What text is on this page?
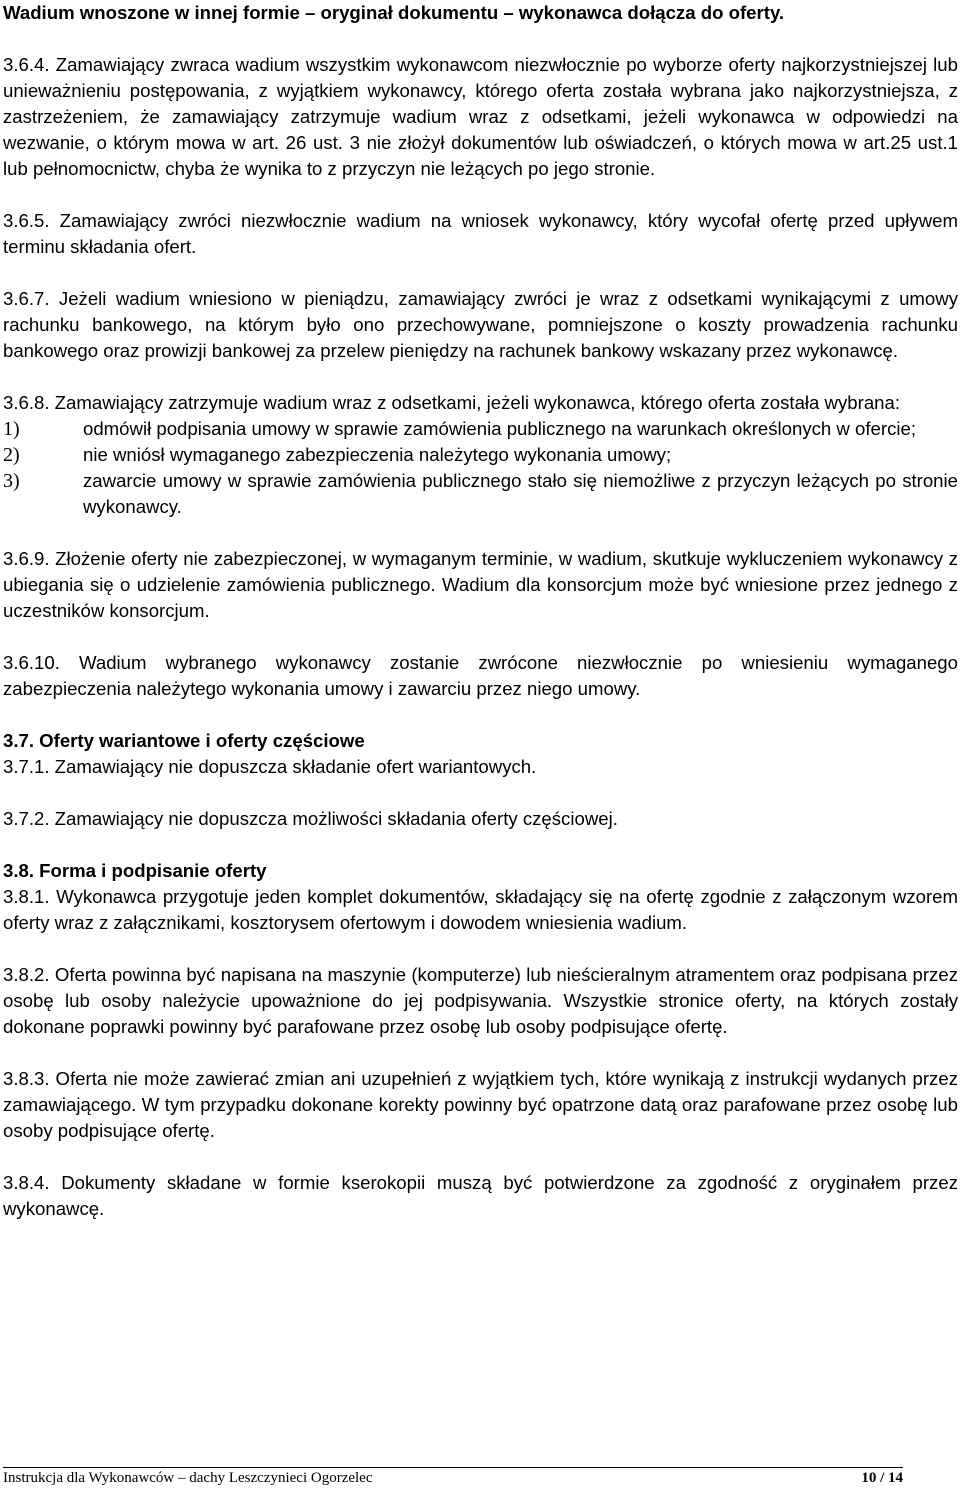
Wadium wnoszone w innej formie – oryginał dokumentu – wykonawca dołącza do oferty.

3.6.4. Zamawiający zwraca wadium wszystkim wykonawcom niezwłocznie po wyborze oferty najkorzystniejszej lub unieważnieniu postępowania, z wyjątkiem wykonawcy, którego oferta została wybrana jako najkorzystniejsza, z zastrzeżeniem, że zamawiający zatrzymuje wadium wraz z odsetkami, jeżeli wykonawca w odpowiedzi na wezwanie, o którym mowa w art. 26 ust. 3 nie złożył dokumentów lub oświadczeń, o których mowa w art.25 ust.1 lub pełnomocnictw, chyba że wynika to z przyczyn nie leżących po jego stronie.

3.6.5. Zamawiający zwróci niezwłocznie wadium na wniosek wykonawcy, który wycofał ofertę przed upływem terminu składania ofert.

3.6.7. Jeżeli wadium wniesiono w pieniądzu, zamawiający zwróci je wraz z odsetkami wynikającymi z umowy rachunku bankowego, na którym było ono przechowywane, pomniejszone o koszty prowadzenia rachunku bankowego oraz prowizji bankowej za przelew pieniędzy na rachunek bankowy wskazany przez wykonawcę.

3.6.8. Zamawiający zatrzymuje wadium wraz z odsetkami, jeżeli wykonawca, którego oferta została wybrana:

1)	odmówił podpisania umowy w sprawie zamówienia publicznego na warunkach określonych w ofercie;
2)	nie wniósł wymaganego zabezpieczenia należytego wykonania umowy;
3)	zawarcie umowy w sprawie zamówienia publicznego stało się niemożliwe z przyczyn leżących po stronie wykonawcy.

3.6.9. Złożenie oferty nie zabezpieczonej, w wymaganym terminie, w wadium, skutkuje wykluczeniem wykonawcy z ubiegania się o udzielenie zamówienia publicznego. Wadium dla konsorcjum może być wniesione przez jednego z uczestników konsorcjum.

3.6.10. Wadium wybranego wykonawcy zostanie zwrócone niezwłocznie po wniesieniu wymaganego zabezpieczenia należytego wykonania umowy i zawarciu przez niego umowy.

3.7. Oferty wariantowe i oferty częściowe

3.7.1. Zamawiający nie dopuszcza składanie ofert wariantowych.

3.7.2. Zamawiający nie dopuszcza możliwości składania oferty częściowej.

3.8. Forma i podpisanie oferty

3.8.1. Wykonawca przygotuje jeden komplet dokumentów, składający się na ofertę zgodnie z załączonym wzorem oferty wraz z załącznikami, kosztorysem ofertowym i dowodem wniesienia wadium.

3.8.2. Oferta powinna być napisana na maszynie (komputerze) lub nieścieralnym atramentem oraz podpisana przez osobę lub osoby należycie upoważnione do jej podpisywania. Wszystkie stronice oferty, na których zostały dokonane poprawki powinny być parafowane przez osobę lub osoby podpisujące ofertę.

3.8.3. Oferta nie może zawierać zmian ani uzupełnień z wyjątkiem tych, które wynikają z instrukcji wydanych przez zamawiającego. W tym przypadku dokonane korekty powinny być opatrzone datą oraz parafowane przez osobę lub osoby podpisujące ofertę.

3.8.4. Dokumenty składane w formie kserokopii muszą być potwierdzone za zgodność z oryginałem przez wykonawcę.

Instrukcja dla Wykonawców – dachy Leszczynieci Ogorzelec	10 / 14
